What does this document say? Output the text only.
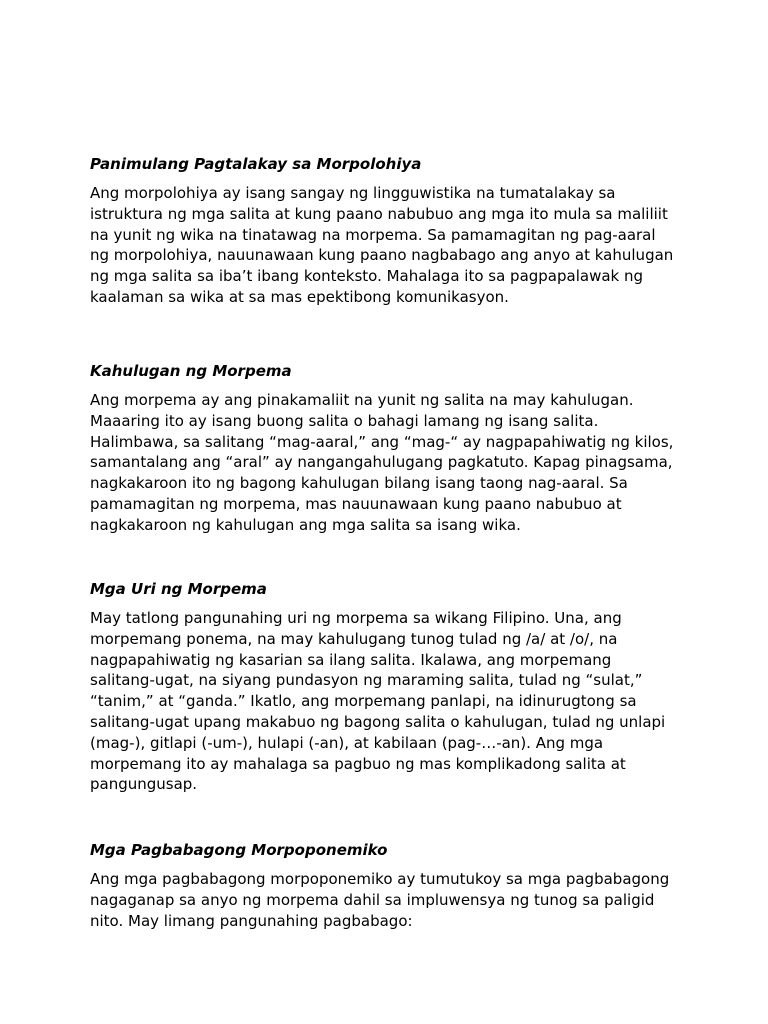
Panimulang Pagtalakay sa Morpolohiya
Ang morpolohiya ay isang sangay ng lingguwistika na tumatalakay sa
istruktura ng mga salita at kung paano nabubuo ang mga ito mula sa maliliit
na yunit ng wika na tinatawag na morpema. Sa pamamagitan ng pag-aaral
ng morpolohiya, nauunawaan kung paano nagbabago ang anyo at kahulugan
ng mga salita sa iba’t ibang konteksto. Mahalaga ito sa pagpapalawak ng
kaalaman sa wika at sa mas epektibong komunikasyon.
Kahulugan ng Morpema
Ang morpema ay ang pinakamaliit na yunit ng salita na may kahulugan.
Maaaring ito ay isang buong salita o bahagi lamang ng isang salita.
Halimbawa, sa salitang “mag-aaral,” ang “mag-“ ay nagpapahiwatig ng kilos,
samantalang ang “aral” ay nangangahulugang pagkatuto. Kapag pinagsama,
nagkakaroon ito ng bagong kahulugan bilang isang taong nag-aaral. Sa
pamamagitan ng morpema, mas nauunawaan kung paano nabubuo at
nagkakaroon ng kahulugan ang mga salita sa isang wika.
Mga Uri ng Morpema
May tatlong pangunahing uri ng morpema sa wikang Filipino. Una, ang
morpemang ponema, na may kahulugang tunog tulad ng /a/ at /o/, na
nagpapahiwatig ng kasarian sa ilang salita. Ikalawa, ang morpemang
salitang-ugat, na siyang pundasyon ng maraming salita, tulad ng “sulat,”
“tanim,” at “ganda.” Ikatlo, ang morpemang panlapi, na idinurugtong sa
salitang-ugat upang makabuo ng bagong salita o kahulugan, tulad ng unlapi
(mag-), gitlapi (-um-), hulapi (-an), at kabilaan (pag-…-an). Ang mga
morpemang ito ay mahalaga sa pagbuo ng mas komplikadong salita at
pangungusap.
Mga Pagbabagong Morpoponemiko
Ang mga pagbabagong morpoponemiko ay tumutukoy sa mga pagbabagong
nagaganap sa anyo ng morpema dahil sa impluwensya ng tunog sa paligid
nito. May limang pangunahing pagbabago:
